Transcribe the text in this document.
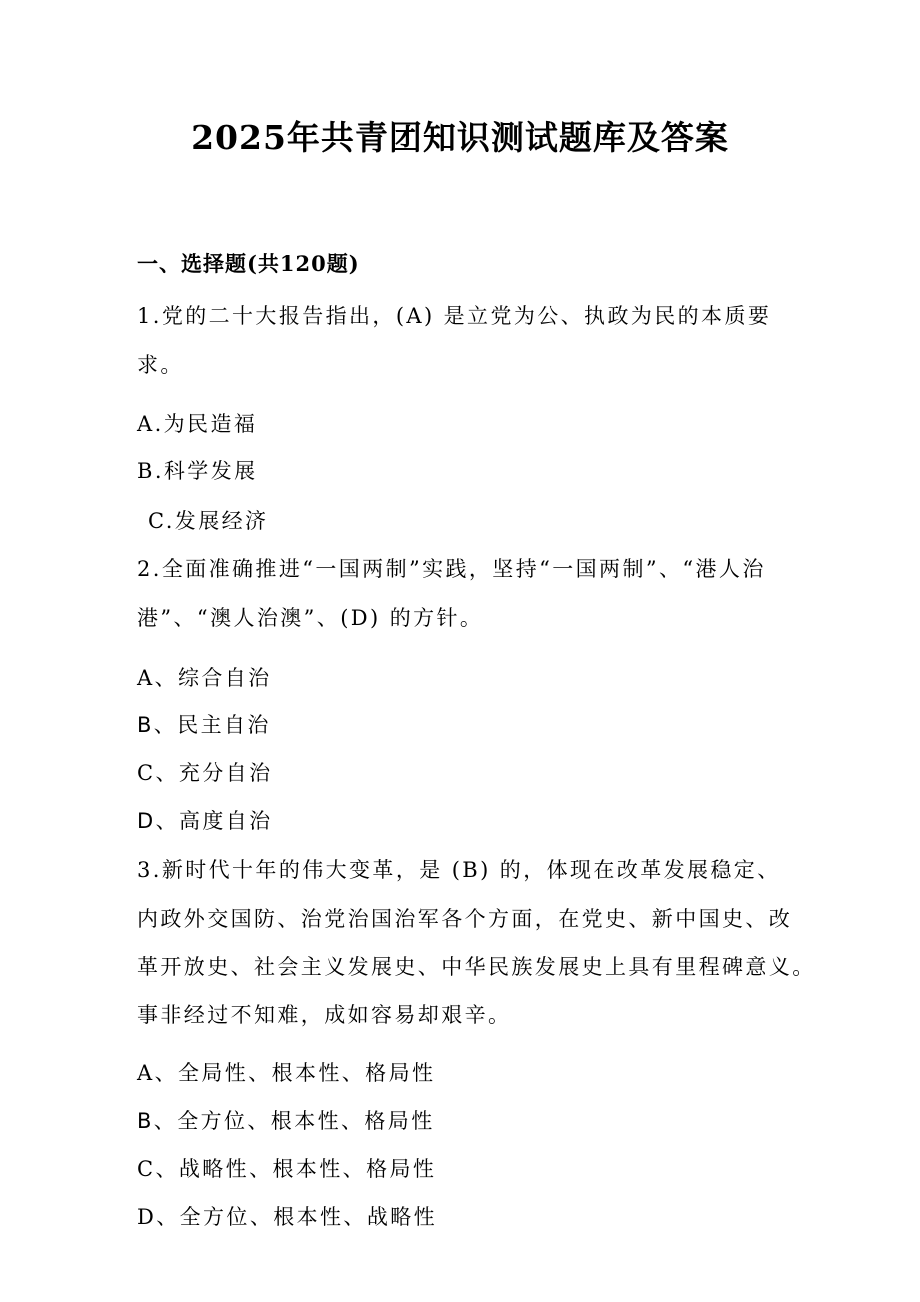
2025年共青团知识测试题库及答案
一、选择题(共120题)
1.党的二十大报告指出，(A) 是立党为公、执政为民的本质要
求。
A.为民造福
B.科学发展
C.发展经济
2.全面准确推进“一国两制”实践，坚持“一国两制”、“港人治
港”、“澳人治澳”、(D) 的方针。
A、综合自治
B、民主自治
C、充分自治
D、高度自治
3.新时代十年的伟大变革，是 (B) 的，体现在改革发展稳定、
内政外交国防、治党治国治军各个方面，在党史、新中国史、改
革开放史、社会主义发展史、中华民族发展史上具有里程碑意义。
事非经过不知难，成如容易却艰辛。
A、全局性、根本性、格局性
B、全方位、根本性、格局性
C、战略性、根本性、格局性
D、全方位、根本性、战略性
